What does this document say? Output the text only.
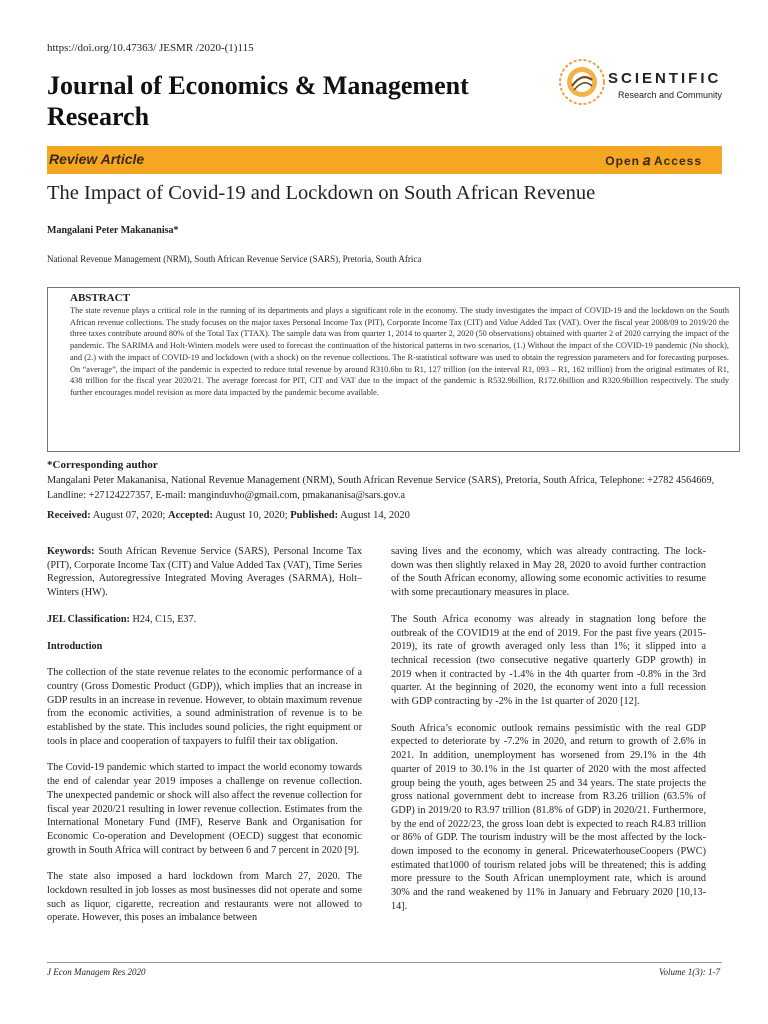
https://doi.org/10.47363/ JESMR /2020-(1)115
Journal of Economics & Management Research
SCIENTIFIC
Research and Community
Review Article	Open 𝑎 Access
The Impact of Covid-19 and Lockdown on South African Revenue
Mangalani Peter Makananisa*
National Revenue Management (NRM), South African Revenue Service (SARS), Pretoria, South Africa

ABSTRACT

The state revenue plays a critical role in the running of its departments and plays a significant role in the economy. The study investigates the impact of COVID-19 and the lockdown on the South African revenue collections. The study focuses on the major taxes Personal Income Tax (PIT), Corporate Income Tax (CIT) and Value Added Tax (VAT). Over the fiscal year 2008/09 to 2019/20 the three taxes contribute around 80% of the Total Tax (TTAX). The sample data was from quarter 1, 2014 to quarter 2, 2020 (50 observations) obtained with quarter 2 of 2020 carrying the impact of the pandemic. The SARIMA and Holt-Winters models were used to forecast the continuation of the historical patterns in two scenarios, (1.) Without the impact of the COVID-19 pandemic (No shock), and (2.) with the impact of COVID-19 and lockdown (with a shock) on the revenue collections. The R-statistical software was used to obtain the regression parameters and for forecasting purposes. On “average”, the impact of the pandemic is expected to reduce total revenue by around R310.6bn to R1, 127 trillion (on the interval R1, 093 – R1, 162 trillion) from the original estimates of R1, 438 trillion for the fiscal year 2020/21. The average forecast for PIT, CIT and VAT due to the impact of the pandemic is R532.9billion, R172.6billion and R320.9billion respectively. The study further encourages model revision as more data impacted by the pandemic become available.

*Corresponding author
Mangalani Peter Makananisa, National Revenue Management (NRM), South African Revenue Service (SARS), Pretoria, South Africa, Telephone: +2782 4564669, Landline: +27124227357, E-mail: manginduvho@gmail.com, pmakananisa@sars.gov.a
Received: August 07, 2020; Accepted: August 10, 2020; Published: August 14, 2020

Keywords: South African Revenue Service (SARS), Personal Income Tax (PIT), Corporate Income Tax (CIT) and Value Added Tax (VAT), Time Series Regression, Autoregressive Integrated Moving Averages (SARMA), Holt–Winters (HW).

JEL Classification: H24, C15, E37.

Introduction

The collection of the state revenue relates to the economic performance of a country (Gross Domestic Product (GDP)), which implies that an increase in GDP results in an increase in revenue. However, to obtain maximum revenue from the economic activities, a sound administration of revenue is to be established by the state. This includes sound policies, the right equipment or tools in place and cooperation of taxpayers to fulfil their tax obligation.

The Covid-19 pandemic which started to impact the world economy towards the end of calendar year 2019 imposes a challenge on revenue collection. The unexpected pandemic or shock will also affect the revenue collection for fiscal year 2020/21 resulting in lower revenue collection. Estimates from the International Monetary Fund (IMF), Reserve Bank and Organisation for Economic Co-operation and Development (OECD) suggest that economic growth in South Africa will contract by between 6 and 7 percent in 2020 [9].

The state also imposed a hard lockdown from March 27, 2020. The lockdown resulted in job losses as most businesses did not operate and some such as liquor, cigarette, recreation and restaurants were not allowed to operate. However, this poses an imbalance between

saving lives and the economy, which was already contracting. The lock-down was then slightly relaxed in May 28, 2020 to avoid further contraction of the South African economy, allowing some economic activities to resume with some precautionary measures in place.

The South Africa economy was already in stagnation long before the outbreak of the COVID19 at the end of 2019. For the past five years (2015-2019), its rate of growth averaged only less than 1%; it slipped into a technical recession (two consecutive negative quarterly GDP growth) in 2019 when it contracted by -1.4% in the 4th quarter from -0.8% in the 3rd quarter. At the beginning of 2020, the economy went into a full recession with GDP contracting by -2% in the 1st quarter of 2020 [12].

South Africa’s economic outlook remains pessimistic with the real GDP expected to deteriorate by -7.2% in 2020, and return to growth of 2.6% in 2021. In addition, unemployment has worsened from 29.1% in the 4th quarter of 2019 to 30.1% in the 1st quarter of 2020 with the most affected group being the youth, ages between 25 and 34 years. The state projects the gross national government debt to increase from R3.26 trillion (63.5% of GDP) in 2019/20 to R3.97 trillion (81.8% of GDP) in 2020/21. Furthermore, by the end of 2022/23, the gross loan debt is expected to reach R4.83 trillion or 86% of GDP. The tourism industry will be the most affected by the lock-down imposed to the economy in general. PricewaterhouseCoopers (PWC) estimated that1000 of tourism related jobs will be threatened; this is adding more pressure to the South African unemployment rate, which is around 30% and the rand weakened by 11% in January and February 2020 [10,13-14].

J Econ Managem Res 2020	Volume 1(3): 1-7
